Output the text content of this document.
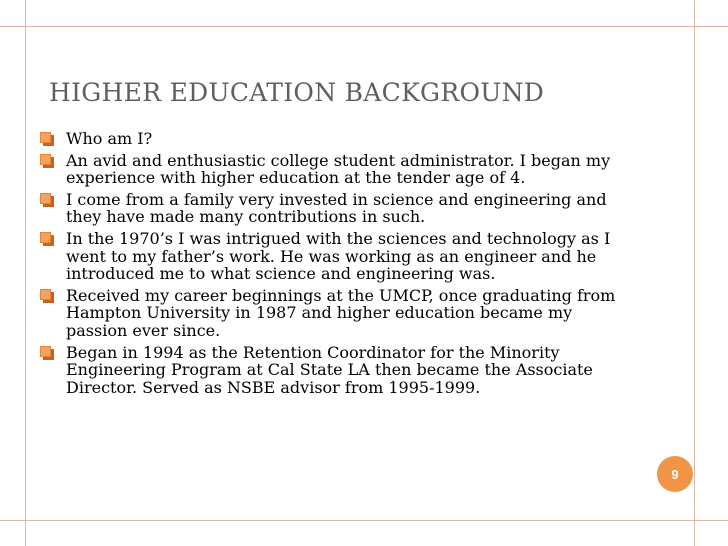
HIGHER EDUCATION BACKGROUND
Who am I?
An avid and enthusiastic college student administrator. I began my experience with higher education at the tender age of 4.
I come from a family very invested in science and engineering and they have made many contributions in such.
In the 1970’s I was intrigued with the sciences and technology as I went to my father’s work. He was working as an engineer and he introduced me to what science and engineering was.
Received my career beginnings at the UMCP, once graduating from Hampton University in 1987 and higher education became my passion ever since.
Began in 1994 as the Retention Coordinator for the Minority Engineering Program at Cal State LA then became the Associate Director. Served as NSBE advisor from 1995-1999.
9
